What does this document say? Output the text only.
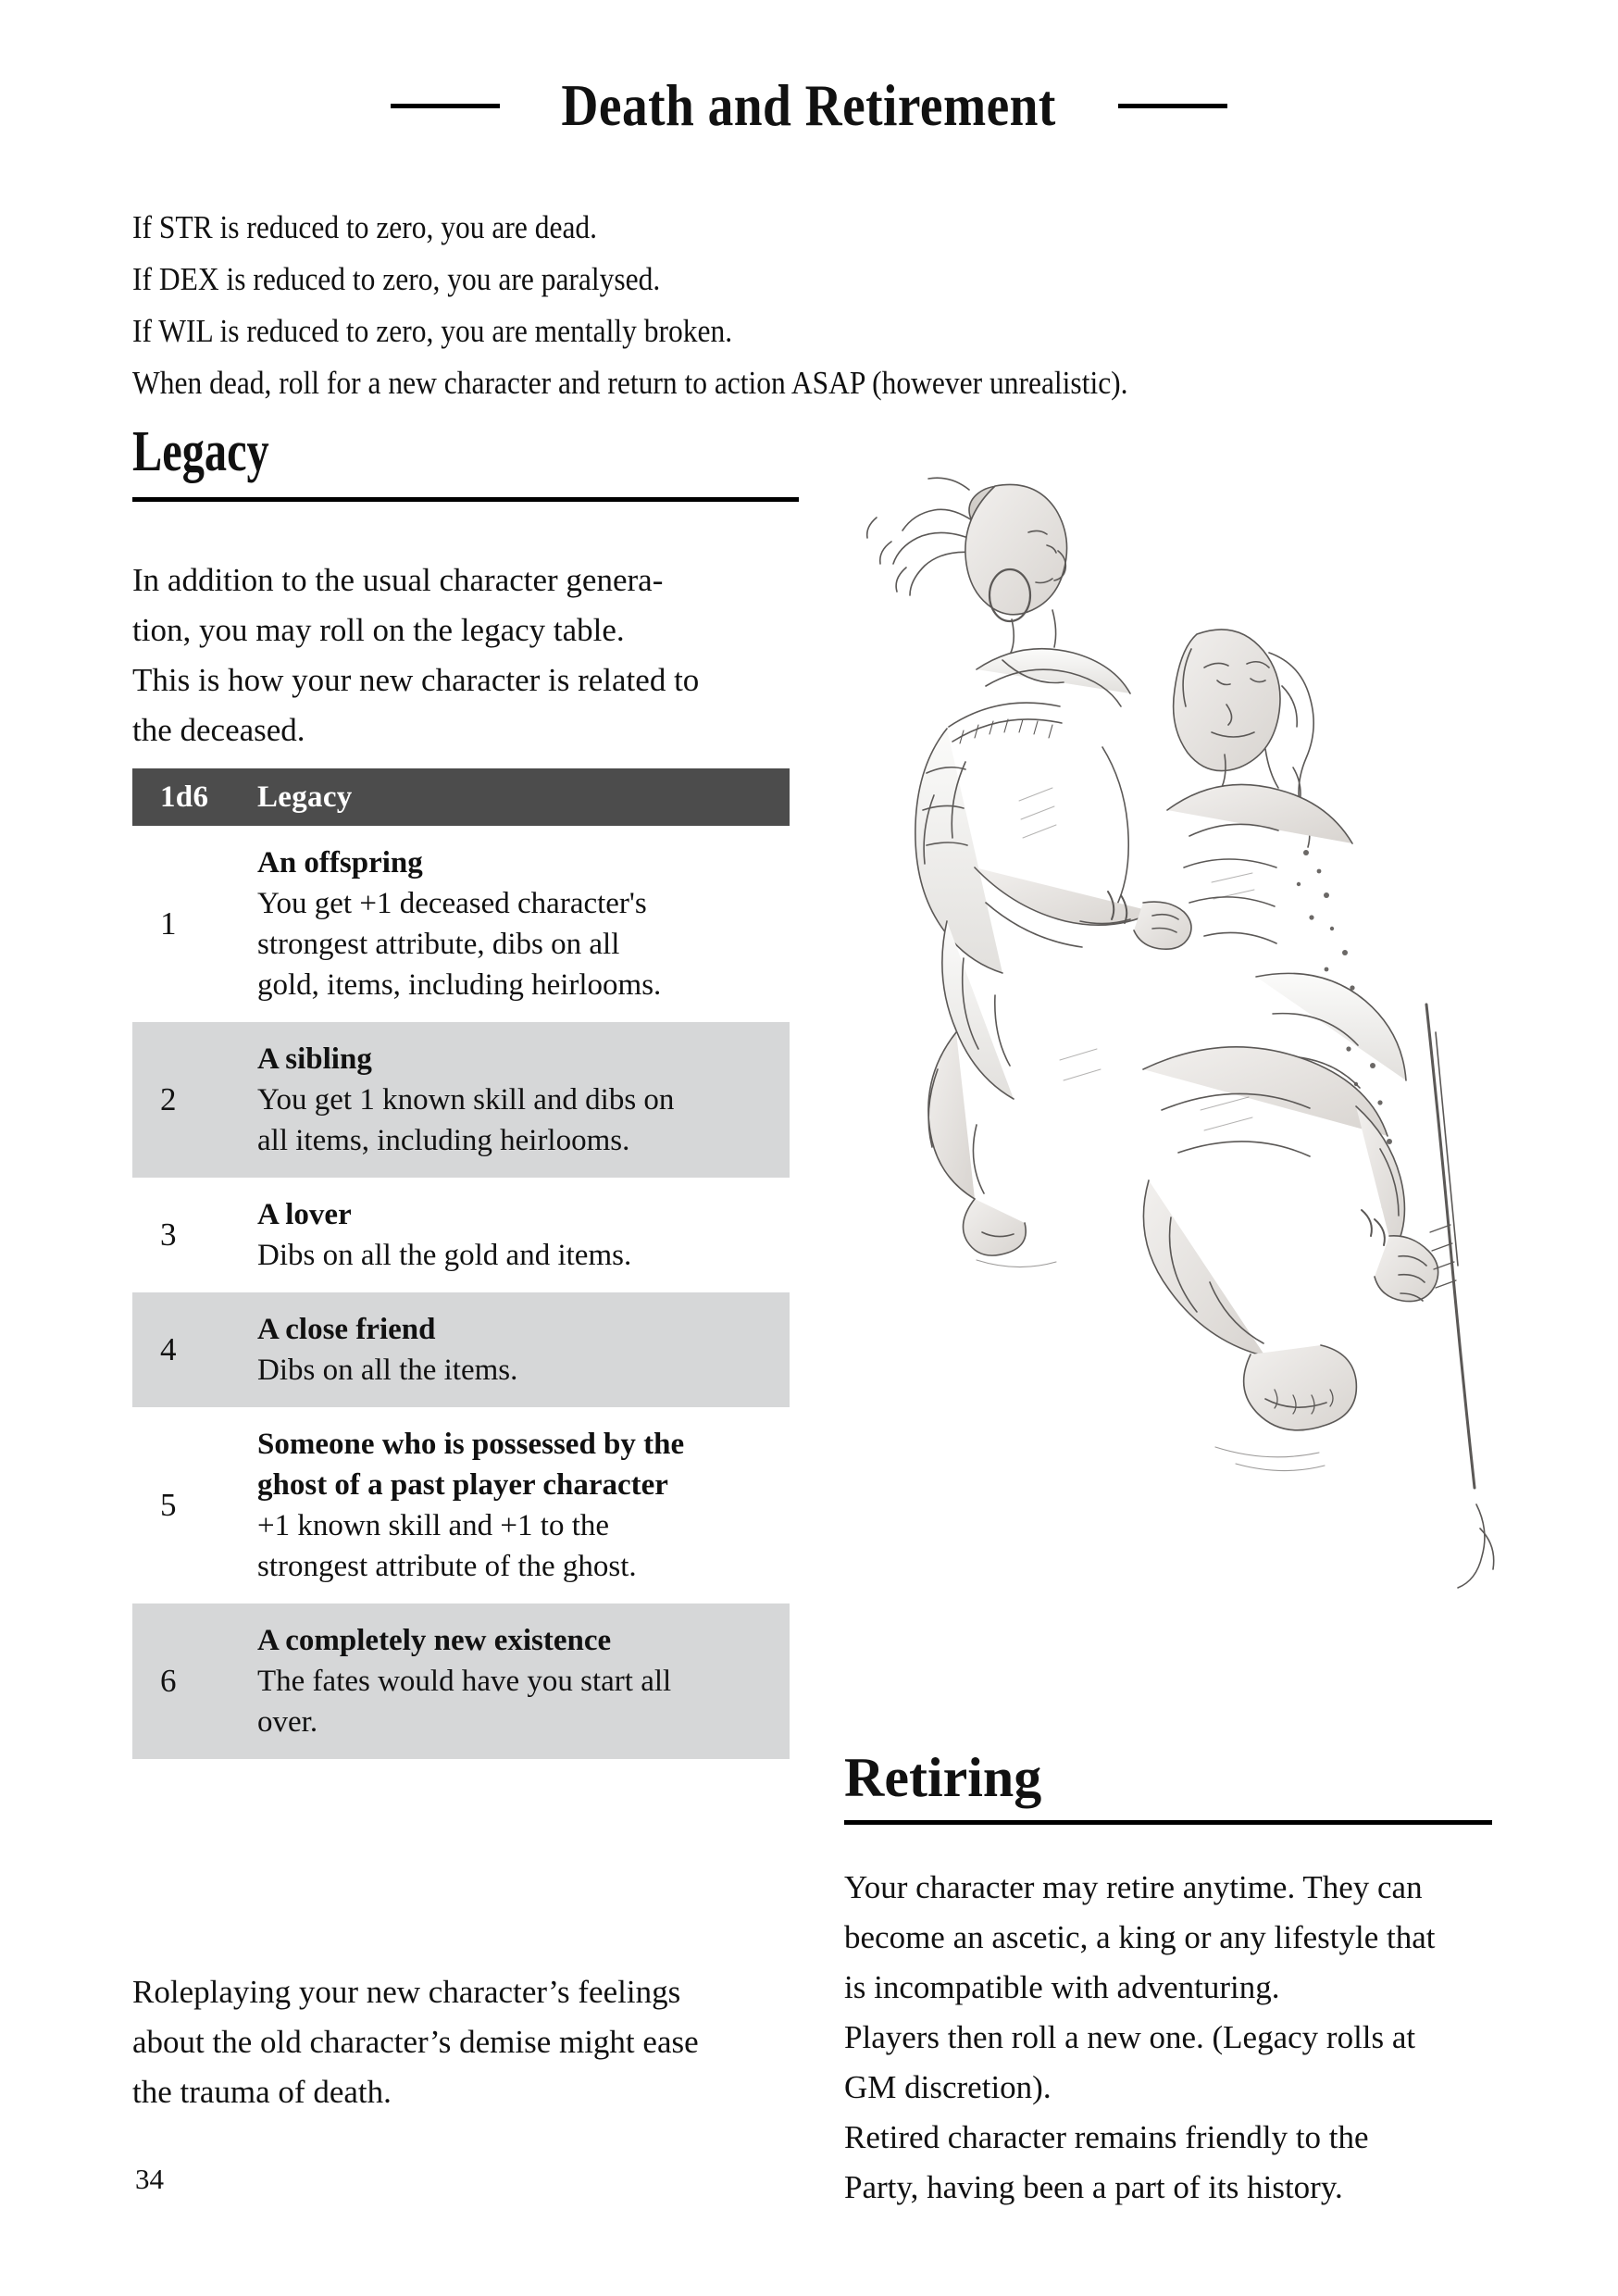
Death and Retirement
If STR is reduced to zero, you are dead.
If DEX is reduced to zero, you are paralysed.
If WIL is reduced to zero, you are mentally broken.
When dead, roll for a new character and return to action ASAP (however unrealistic).
Legacy
In addition to the usual character genera-
tion, you may roll on the legacy table.
This is how your new character is related to
the deceased.
1d6	Legacy
1
An offspring
You get +1 deceased character's
strongest attribute, dibs on all
gold, items, including heirlooms.
2
A sibling
You get 1 known skill and dibs on
all items, including heirlooms.
3
A lover
Dibs on all the gold and items.
4
A close friend
Dibs on all the items.
5
Someone who is possessed by the
ghost of a past player character
+1 known skill and +1 to the
strongest attribute of the ghost.
6
A completely new existence
The fates would have you start all
over.
Roleplaying your new character’s feelings
about the old character’s demise might ease
the trauma of death.
Retiring
Your character may retire anytime. They can
become an ascetic, a king or any lifestyle that
is incompatible with adventuring.
Players then roll a new one. (Legacy rolls at
GM discretion).
Retired character remains friendly to the
Party, having been a part of its history.
34
